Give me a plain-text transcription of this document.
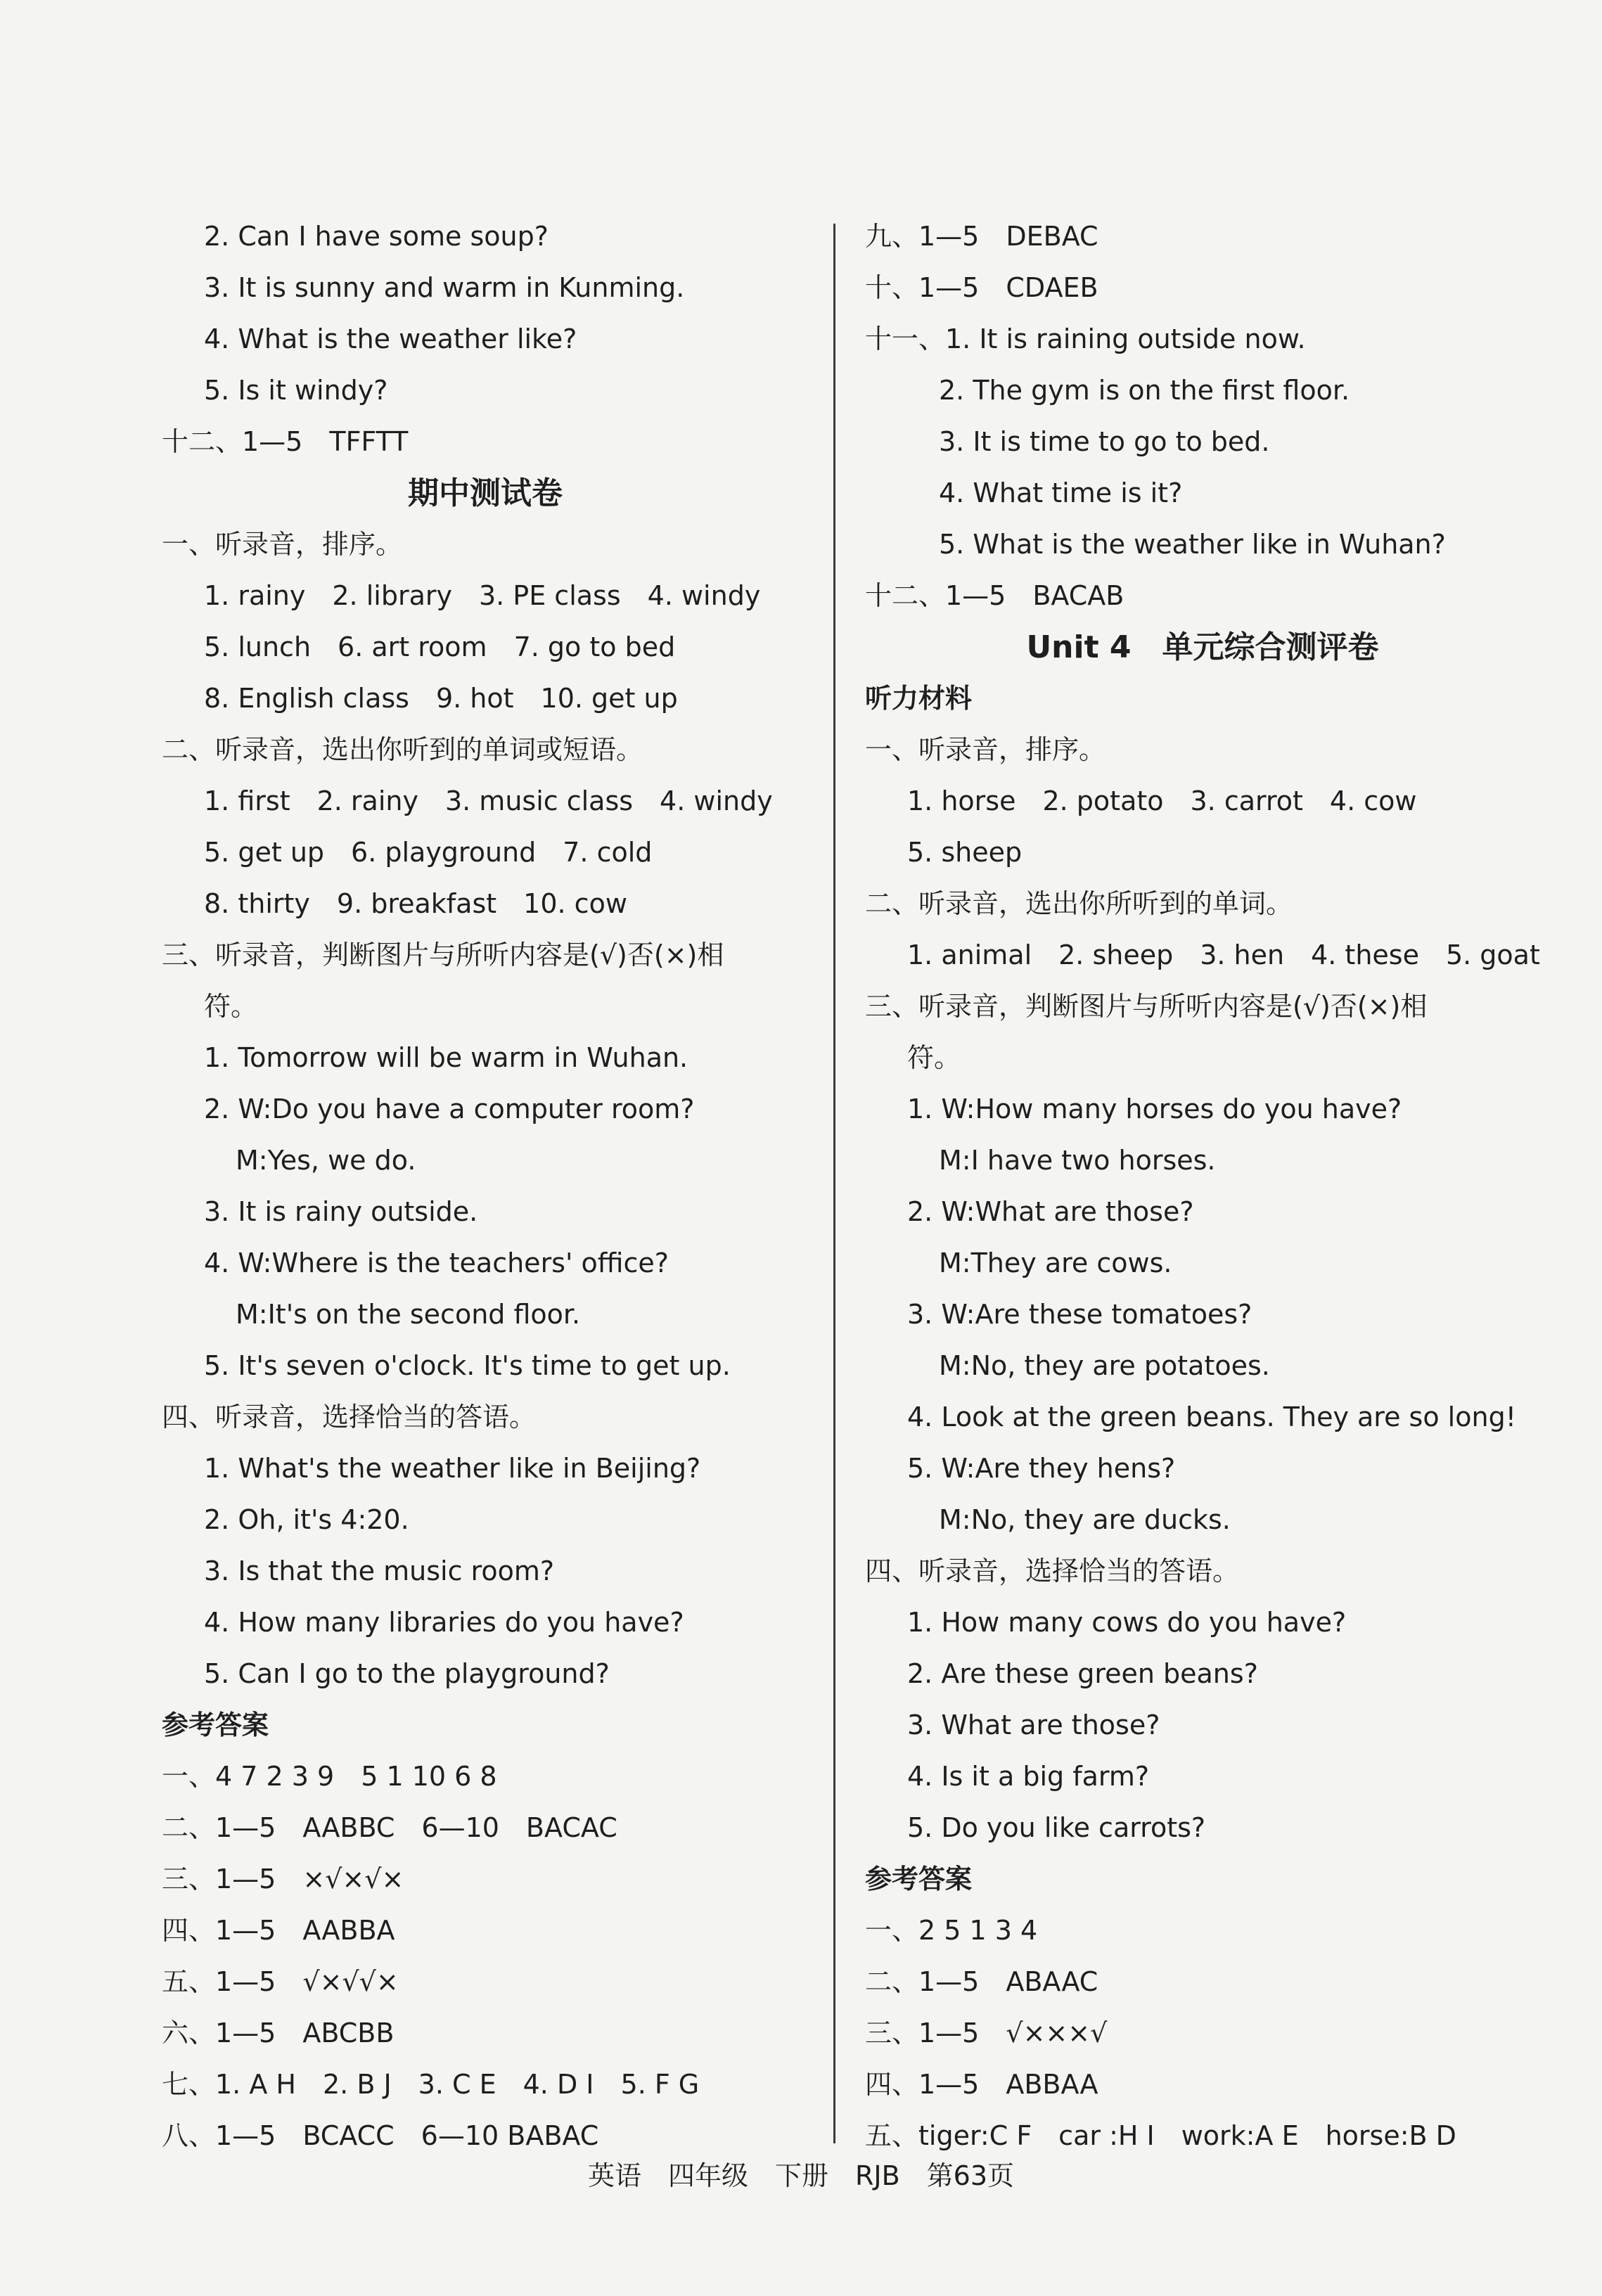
2. Can I have some soup?
3. It is sunny and warm in Kunming.
4. What is the weather like?
5. Is it windy?
十二、1—5　TFFTT
期中测试卷
一、听录音，排序。
1. rainy　2. library　3. PE class　4. windy
5. lunch　6. art room　7. go to bed
8. English class　9. hot　10. get up
二、听录音，选出你听到的单词或短语。
1. first　2. rainy　3. music class　4. windy
5. get up　6. playground　7. cold
8. thirty　9. breakfast　10. cow
三、听录音，判断图片与所听内容是(√)否(×)相
符。
1. Tomorrow will be warm in Wuhan.
2. W:Do you have a computer room?
M:Yes, we do.
3. It is rainy outside.
4. W:Where is the teachers' office?
M:It's on the second floor.
5. It's seven o'clock. It's time to get up.
四、听录音，选择恰当的答语。
1. What's the weather like in Beijing?
2. Oh, it's 4:20.
3. Is that the music room?
4. How many libraries do you have?
5. Can I go to the playground?
参考答案
一、4 7 2 3 9　5 1 10 6 8
二、1—5　AABBC　6—10　BACAC
三、1—5　×√×√×
四、1—5　AABBA
五、1—5　√×√√×
六、1—5　ABCBB
七、1. A H　2. B J　3. C E　4. D I　5. F G
八、1—5　BCACC　6—10 BABAC
九、1—5　DEBAC
十、1—5　CDAEB
十一、1. It is raining outside now.
2. The gym is on the first floor.
3. It is time to go to bed.
4. What time is it?
5. What is the weather like in Wuhan?
十二、1—5　BACAB
Unit 4　单元综合测评卷
听力材料
一、听录音，排序。
1. horse　2. potato　3. carrot　4. cow
5. sheep
二、听录音，选出你所听到的单词。
1. animal　2. sheep　3. hen　4. these　5. goat
三、听录音，判断图片与所听内容是(√)否(×)相
符。
1. W:How many horses do you have?
M:I have two horses.
2. W:What are those?
M:They are cows.
3. W:Are these tomatoes?
M:No, they are potatoes.
4. Look at the green beans. They are so long!
5. W:Are they hens?
M:No, they are ducks.
四、听录音，选择恰当的答语。
1. How many cows do you have?
2. Are these green beans?
3. What are those?
4. Is it a big farm?
5. Do you like carrots?
参考答案
一、2 5 1 3 4
二、1—5　ABAAC
三、1—5　√×××√
四、1—5　ABBAA
五、tiger:C F　car :H I　work:A E　horse:B D
英语　四年级　下册　RJB　第63页
